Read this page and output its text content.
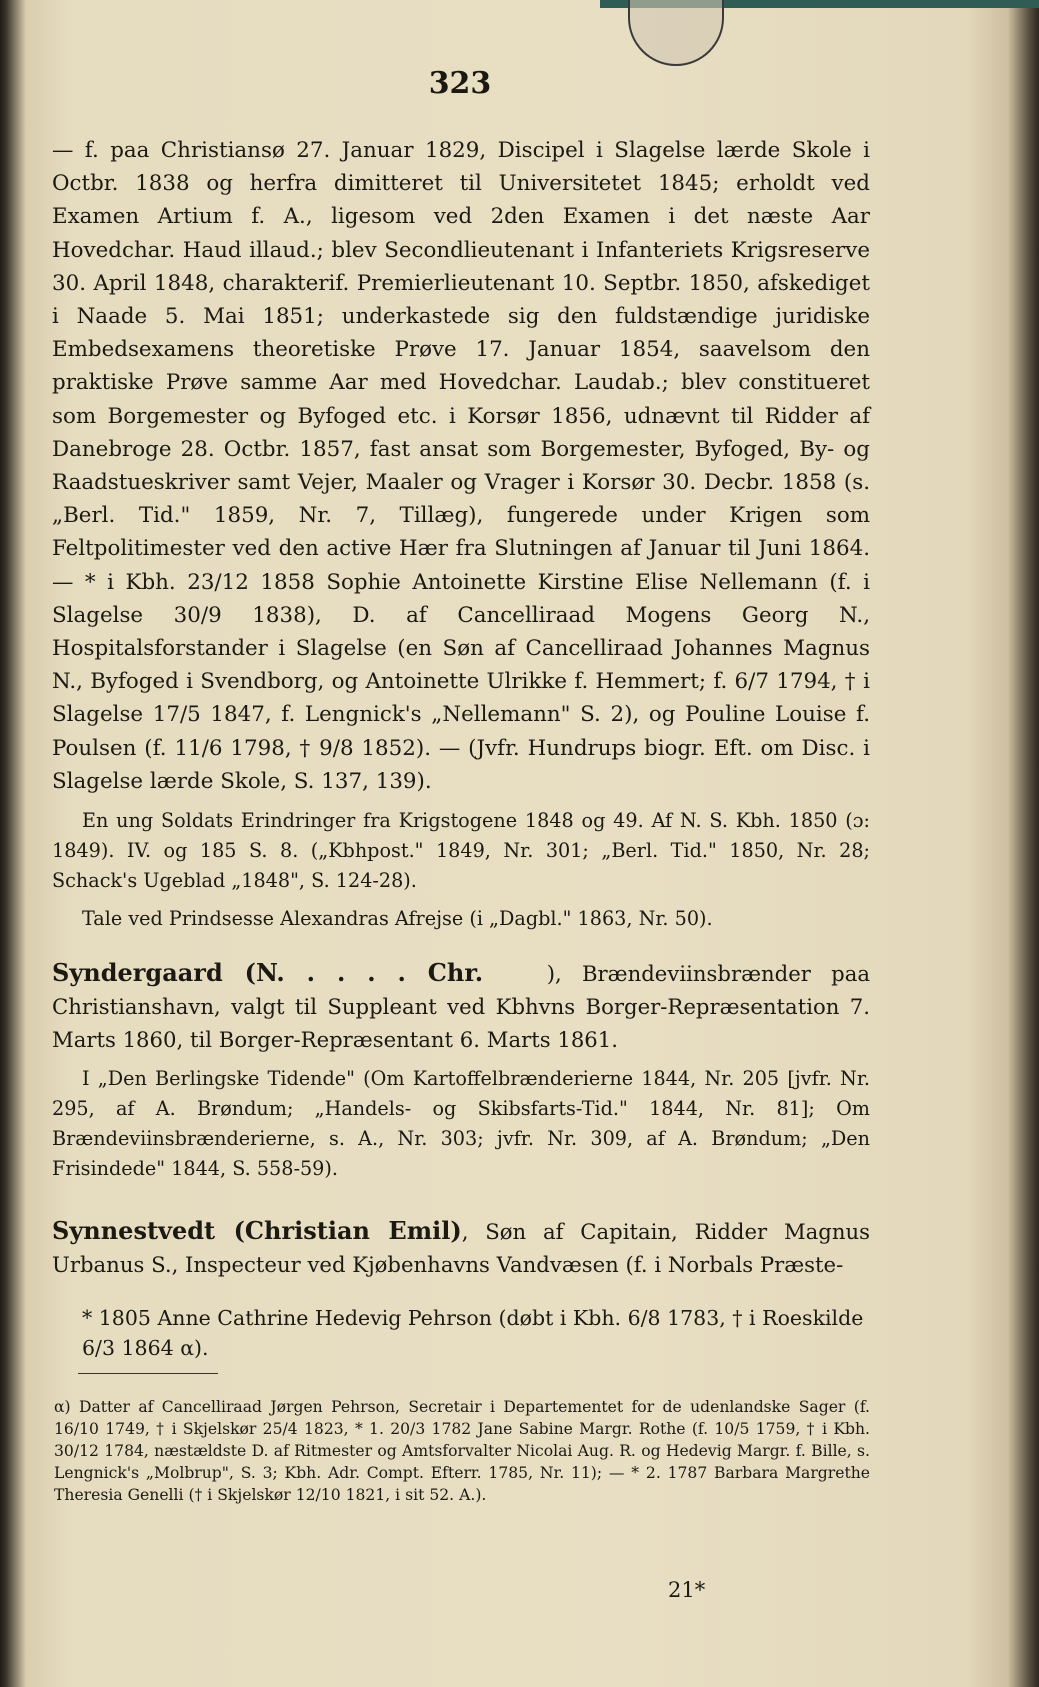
323

— f. paa Christiansø 27. Januar 1829, Discipel i Slagelse lærde Skole i Octbr. 1838 og herfra dimitteret til Universitetet 1845; erholdt ved Examen Artium f. A., ligesom ved 2den Examen i det næste Aar Hovedchar. Haud illaud.; blev Secondlieutenant i Infanteriets Krigsreserve 30. April 1848, charakterif. Premierlieutenant 10. Septbr. 1850, afskediget i Naade 5. Mai 1851; underkastede sig den fuldstændige juridiske Embedsexamens theoretiske Prøve 17. Januar 1854, saavelsom den praktiske Prøve samme Aar med Hovedchar. Laudab.; blev constitueret som Borgemester og Byfoged etc. i Korsør 1856, udnævnt til Ridder af Danebroge 28. Octbr. 1857, fast ansat som Borgemester, Byfoged, By- og Raadstueskriver samt Vejer, Maaler og Vrager i Korsør 30. Decbr. 1858 (s. „Berl. Tid." 1859, Nr. 7, Tillæg), fungerede under Krigen som Feltpolitimester ved den active Hær fra Slutningen af Januar til Juni 1864. — * i Kbh. 23/12 1858 Sophie Antoinette Kirstine Elise Nellemann (f. i Slagelse 30/9 1838), D. af Cancelliraad Mogens Georg N., Hospitalsforstander i Slagelse (en Søn af Cancelliraad Johannes Magnus N., Byfoged i Svendborg, og Antoinette Ulrikke f. Hemmert; f. 6/7 1794, † i Slagelse 17/5 1847, f. Lengnick's „Nellemann" S. 2), og Pouline Louise f. Poulsen (f. 11/6 1798, † 9/8 1852). — (Jvfr. Hundrups biogr. Eft. om Disc. i Slagelse lærde Skole, S. 137, 139).

En ung Soldats Erindringer fra Krigstogene 1848 og 49. Af N. S. Kbh. 1850 (ɔ: 1849). IV. og 185 S. 8. („Kbhpost." 1849, Nr. 301; „Berl. Tid." 1850, Nr. 28; Schack's Ugeblad „1848", S. 124-28).

Tale ved Prindsesse Alexandras Afrejse (i „Dagbl." 1863, Nr. 50).

Syndergaard (N. . . . . Chr.   	), Brændeviinsbrænder paa Christianshavn, valgt til Suppleant ved Kbhvns Borger-Repræsentation 7. Marts 1860, til Borger-Repræsentant 6. Marts 1861.

I „Den Berlingske Tidende" (Om Kartoffelbrænderierne 1844, Nr. 205 [jvfr. Nr. 295, af A. Brøndum; „Handels- og Skibsfarts-Tid." 1844, Nr. 81]; Om Brændeviinsbrænderierne, s. A., Nr. 303; jvfr. Nr. 309, af A. Brøndum; „Den Frisindede" 1844, S. 558-59).

Synnestvedt (Christian Emil), Søn af Capitain, Ridder Magnus Urbanus S., Inspecteur ved Kjøbenhavns Vandvæsen (f. i Norbals Præste-

* 1805 Anne Cathrine Hedevig Pehrson (døbt i Kbh. 6/8 1783, † i Roeskilde 6/3 1864 α).

α) Datter af Cancelliraad Jørgen Pehrson, Secretair i Departementet for de udenlandske Sager (f. 16/10 1749, † i Skjelskør 25/4 1823, * 1. 20/3 1782 Jane Sabine Margr. Rothe (f. 10/5 1759, † i Kbh. 30/12 1784, næstældste D. af Ritmester og Amtsforvalter Nicolai Aug. R. og Hedevig Margr. f. Bille, s. Lengnick's „Molbrup", S. 3; Kbh. Adr. Compt. Efterr. 1785, Nr. 11); — * 2. 1787 Barbara Margrethe Theresia Genelli († i Skjelskør 12/10 1821, i sit 52. A.).

21*
